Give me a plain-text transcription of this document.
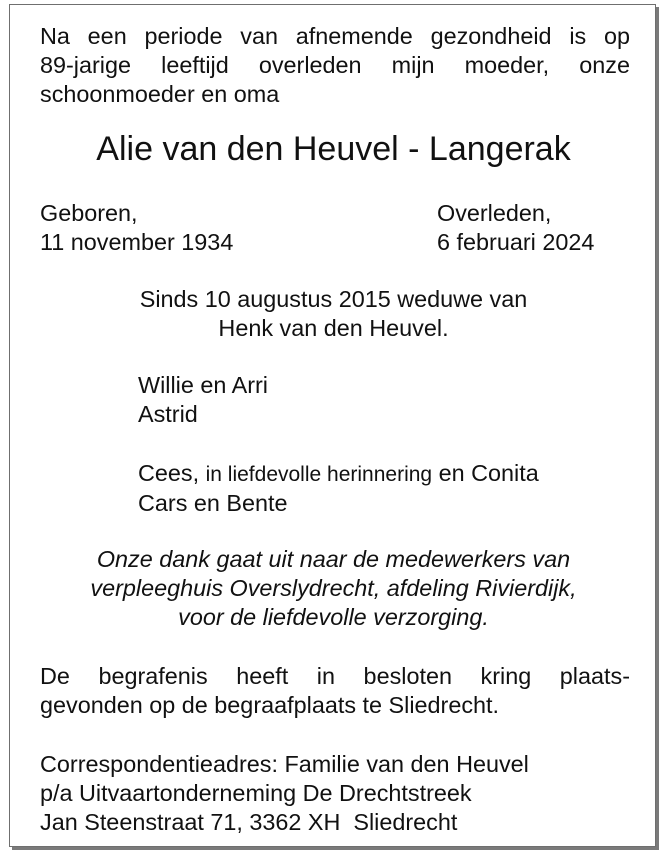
Na een periode van afnemende gezondheid is op
89-jarige leeftijd overleden mijn moeder, onze
schoonmoeder en oma
Alie van den Heuvel - Langerak
Geboren,
11 november 1934
Overleden,
6 februari 2024
Sinds 10 augustus 2015 weduwe van
Henk van den Heuvel.
Willie en Arri
Astrid
Cees, in liefdevolle herinnering en Conita
Cars en Bente
Onze dank gaat uit naar de medewerkers van
verpleeghuis Overslydrecht, afdeling Rivierdijk,
voor de liefdevolle verzorging.
De begrafenis heeft in besloten kring plaats-
gevonden op de begraafplaats te Sliedrecht.
Correspondentieadres: Familie van den Heuvel
p/a Uitvaartonderneming De Drechtstreek
Jan Steenstraat 71, 3362 XH  Sliedrecht
